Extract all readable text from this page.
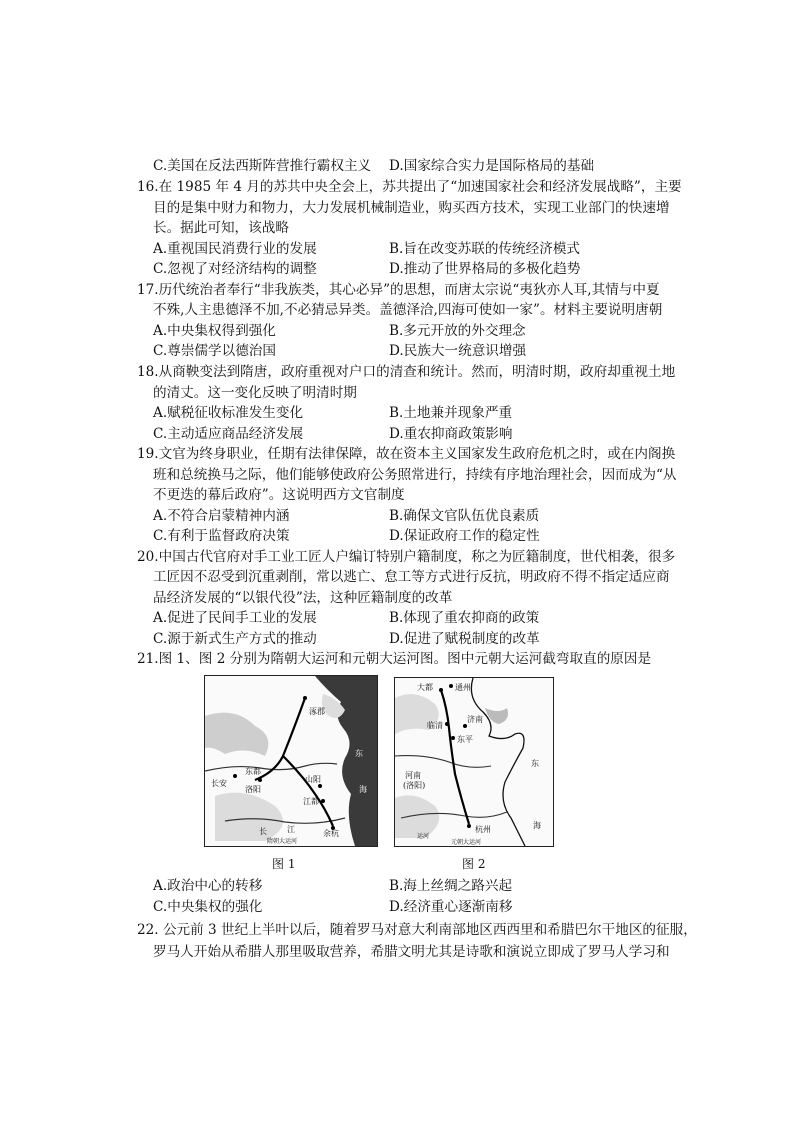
C.美国在反法西斯阵营推行霸权主义 D.国家综合实力是国际格局的基础
16.在 1985 年 4 月的苏共中央全会上，苏共提出了“加速国家社会和经济发展战略”，主要
目的是集中财力和物力，大力发展机械制造业，购买西方技术，实现工业部门的快速增
长。据此可知，该战略
A.重视国民消费行业的发展	B.旨在改变苏联的传统经济模式
C.忽视了对经济结构的调整	D.推动了世界格局的多极化趋势
17.历代统治者奉行“非我族类，其心必异”的思想，而唐太宗说“夷狄亦人耳,其情与中夏
不殊,人主患德泽不加,不必猜忌异类。盖德泽洽,四海可使如一家”。材料主要说明唐朝
A.中央集权得到强化	B.多元开放的外交理念
C.尊崇儒学以德治国	D.民族大一统意识增强
18.从商鞅变法到隋唐，政府重视对户口的清查和统计。然而，明清时期，政府却重视土地
的清丈。这一变化反映了明清时期
A.赋税征收标准发生变化	B.土地兼并现象严重
C.主动适应商品经济发展	D.重农抑商政策影响
19.文官为终身职业，任期有法律保障，故在资本主义国家发生政府危机之时，或在内阁换
班和总统换马之际，他们能够使政府公务照常进行，持续有序地治理社会，因而成为“从
不更迭的幕后政府”。这说明西方文官制度
A.不符合启蒙精神内涵	B.确保文官队伍优良素质
C.有利于监督政府决策	D.保证政府工作的稳定性
20.中国古代官府对手工业工匠人户编订特别户籍制度，称之为匠籍制度，世代相袭，很多
工匠因不忍受到沉重剥削，常以逃亡、怠工等方式进行反抗，明政府不得不指定适应商
品经济发展的“以银代役”法，这种匠籍制度的改革
A.促进了民间手工业的发展	B.体现了重农抑商的政策
C.源于新式生产方式的推动	D.促进了赋税制度的改革
21.图 1、图 2 分别为隋朝大运河和元朝大运河图。图中元朝大运河截弯取直的原因是
涿郡
长安
东都
洛阳
山阳
江都
余杭
长	江
东
海
隋朝大运河
图 1
大都	通州
临清
济南
东平
河南
(洛阳)
东
海
杭州
运河
元朝大运河
图 2
A.政治中心的转移	B.海上丝绸之路兴起
C.中央集权的强化	D.经济重心逐渐南移
22. 公元前 3 世纪上半叶以后，随着罗马对意大利南部地区西西里和希腊巴尔干地区的征服，
罗马人开始从希腊人那里吸取营养，希腊文明尤其是诗歌和演说立即成了罗马人学习和
